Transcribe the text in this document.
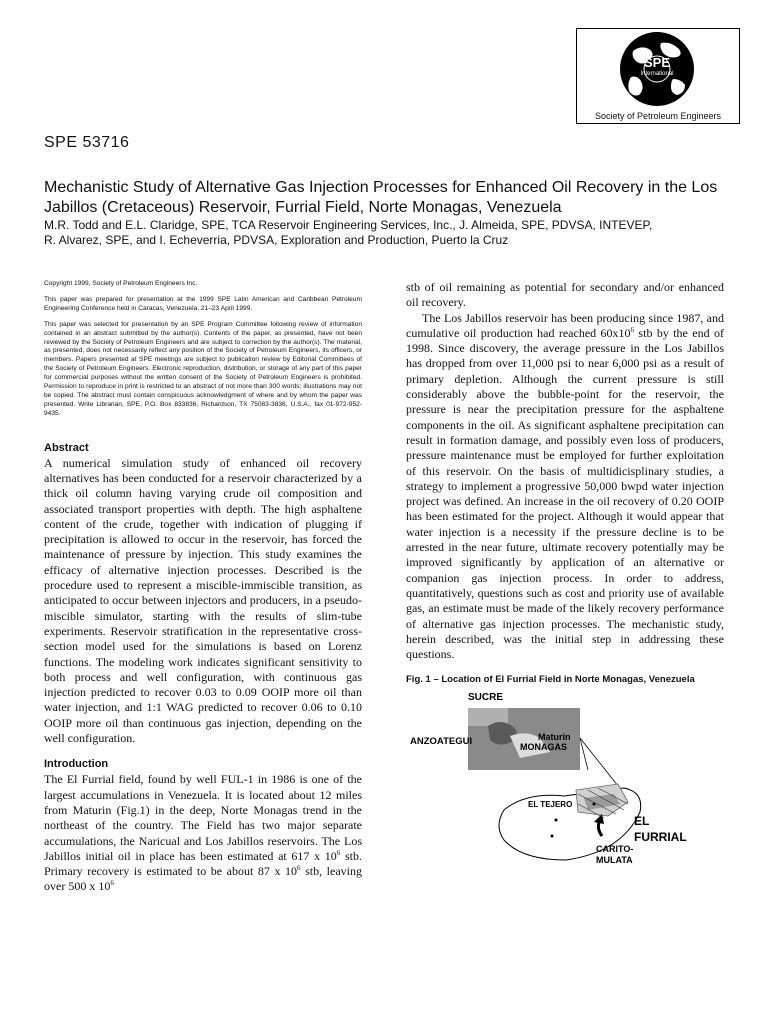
SPE
International
Society of Petroleum Engineers
SPE 53716
Mechanistic Study of Alternative Gas Injection Processes for Enhanced Oil Recovery in the Los Jabillos (Cretaceous) Reservoir, Furrial Field, Norte Monagas, Venezuela
M.R. Todd and E.L. Claridge, SPE, TCA Reservoir Engineering Services, Inc., J. Almeida, SPE, PDVSA, INTEVEP,
R. Alvarez, SPE, and I. Echeverria, PDVSA, Exploration and Production, Puerto la Cruz

Copyright 1999, Society of Petroleum Engineers Inc.

This paper was prepared for presentation at the 1999 SPE Latin American and Caribbean Petroleum Engineering Conference held in Caracas, Venezuela, 21–23 April 1999.

This paper was selected for presentation by an SPE Program Committee following review of information contained in an abstract submitted by the author(s). Contents of the paper, as presented, have not been reviewed by the Society of Petroleum Engineers and are subject to correction by the author(s). The material, as presented, does not necessarily reflect any position of the Society of Petroleum Engineers, its officers, or members. Papers presented at SPE meetings are subject to publication review by Editorial Committees of the Society of Petroleum Engineers. Electronic reproduction, distribution, or storage of any part of this paper for commercial purposes without the written consent of the Society of Petroleum Engineers is prohibited. Permission to reproduce in print is restricted to an abstract of not more than 300 words; illustrations may not be copied. The abstract must contain conspicuous acknowledgment of where and by whom the paper was presented. Write Librarian, SPE, P.O. Box 833836, Richardson, TX 75083-3836, U.S.A., fax 01-972-952-9435.

Abstract

A numerical simulation study of enhanced oil recovery alternatives has been conducted for a reservoir characterized by a thick oil column having varying crude oil composition and associated transport properties with depth. The high asphaltene content of the crude, together with indication of plugging if precipitation is allowed to occur in the reservoir, has forced the maintenance of pressure by injection. This study examines the efficacy of alternative injection processes. Described is the procedure used to represent a miscible-immiscible transition, as anticipated to occur between injectors and producers, in a pseudo-miscible simulator, starting with the results of slim-tube experiments. Reservoir stratification in the representative cross-section model used for the simulations is based on Lorenz functions. The modeling work indicates significant sensitivity to both process and well configuration, with continuous gas injection predicted to recover 0.03 to 0.09 OOIP more oil than water injection, and 1:1 WAG predicted to recover 0.06 to 0.10 OOIP more oil than continuous gas injection, depending on the well configuration.

Introduction

The El Furrial field, found by well FUL-1 in 1986 is one of the largest accumulations in Venezuela. It is located about 12 miles from Maturin (Fig.1) in the deep, Norte Monagas trend in the northeast of the country. The Field has two major separate accumulations, the Naricual and Los Jabillos reservoirs. The Los Jabillos initial oil in place has been estimated at 617 x $10^6$ stb. Primary recovery is estimated to be about 87 x $10^6$ stb, leaving over 500 x $10^6$

stb of oil remaining as potential for secondary and/or enhanced oil recovery.

The Los Jabillos reservoir has been producing since 1987, and cumulative oil production had reached $60x10^6$ stb by the end of 1998. Since discovery, the average pressure in the Los Jabillos has dropped from over 11,000 psi to near 6,000 psi as a result of primary depletion. Although the current pressure is still considerably above the bubble-point for the reservoir, the pressure is near the precipitation pressure for the asphaltene components in the oil. As significant asphaltene precipitation can result in formation damage, and possibly even loss of producers, pressure maintenance must be employed for further exploitation of this reservoir. On the basis of multidicisplinary studies, a strategy to implement a progressive 50,000 bwpd water injection project was defined. An increase in the oil recovery of 0.20 OOIP has been estimated for the project. Although it would appear that water injection is a necessity if the pressure decline is to be arrested in the near future, ultimate recovery potentially may be improved significantly by application of an alternative or companion gas injection process. In order to address, quantitatively, questions such as cost and priority use of available gas, an estimate must be made of the likely recovery performance of alternative gas injection processes. The mechanistic study, herein described, was the initial step in addressing these questions.

Fig. 1 – Location of El Furrial Field in Norte Monagas, Venezuela

SUCRE
ANZOATEGUI	Maturin
MONAGAS
EL TEJERO
EL
FURRIAL
CARITO-
MULATA
